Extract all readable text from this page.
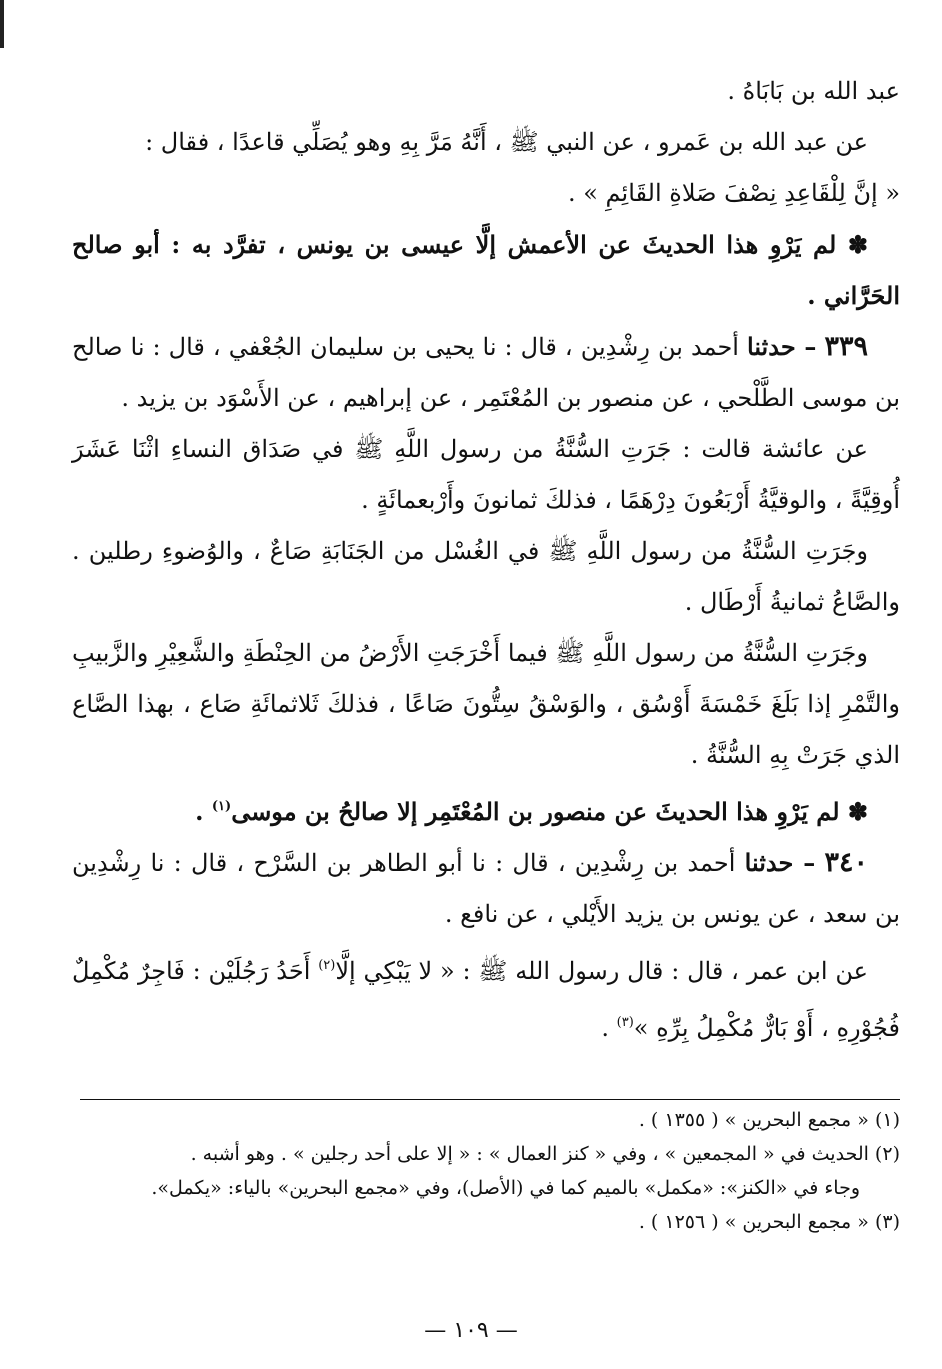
عبد الله بن بَابَاهُ .

عن عبد الله بن عَمرو ، عن النبي ﷺ ، أَنَّهُ مَرَّ بِهِ وهو يُصَلِّي قاعدًا ، فقال :

« إنَّ لِلْقَاعِدِ نِصْفَ صَلاةِ القَائِمِ » .

✽ لم يَرْوِ هذا الحديثَ عن الأعمش إلَّا عيسى بن يونس ، تفرَّد به : أبو صالح الحَرَّاني .

٣٣٩ – حدثنا أحمد بن رِشْدِين ، قال : نا يحيى بن سليمان الجُعْفي ، قال : نا صالح بن موسى الطَّلْحي ، عن منصور بن المُعْتَمِر ، عن إبراهيم ، عن الأَسْوَد بن يزيد .

عن عائشة قالت : جَرَتِ السُّنَّةُ من رسول اللَّهِ ﷺ في صَدَاق النساءِ اثْنَا عَشَرَ أُوقِيَّةً ، والوقيَّةُ أَرْبَعُونَ دِرْهَمًا ، فذلكَ ثمانونَ وأَرْبعمائَةٍ .

وجَرَتِ السُّنَّةُ من رسول اللَّهِ ﷺ في الغُسْل من الجَنَابَةِ صَاعٌ ، والوُضوءِ رطلين . والصَّاعُ ثمانيةُ أَرْطَال .

وجَرَتِ السُّنَّةُ من رسول اللَّهِ ﷺ فيما أَخْرَجَتِ الأَرْضُ من الحِنْطَةِ والشَّعِيْرِ والزَّبيبِ والتَّمْرِ إذا بَلَغَ خَمْسَةَ أَوْسُق ، والوَسْقُ سِتُّونَ صَاعًا ، فذلكَ ثَلاثمائَةِ صَاع ، بهذا الصَّاع الذي جَرَتْ بِهِ السُّنَّةُ .

✽ لم يَرْوِ هذا الحديثَ عن منصور بن المُعْتَمِر إلا صالحُ بن موسى$^{(١)}$ .

٣٤٠ – حدثنا أحمد بن رِشْدِين ، قال : نا أبو الطاهر بن السَّرْح ، قال : نا رِشْدِين بن سعد ، عن يونس بن يزيد الأَيْلي ، عن نافع .

عن ابن عمر ، قال : قال رسول الله ﷺ : « لا يَبْكِي إلَّا$^{(٢)}$ أَحَدُ رَجُلَيْن : فَاجِرٌ مُكْمِلٌ فُجُوْرِهِ ، أَوْ بَارٌّ مُكْمِلُ بِرِّهِ »$^{(٣)}$ .

(١) « مجمع البحرين » ( ١٣٥٥ ) .

(٢) الحديث في « المجمعين » ، وفي « كنز العمال » : « إلا على أحد رجلين » . وهو أشبه .

وجاء في «الكنز»: «مكمل» بالميم كما في (الأصل)، وفي «مجمع البحرين» بالياء: «يكمل».

(٣) « مجمع البحرين » ( ١٢٥٦ ) .

— ١٠٩ —
